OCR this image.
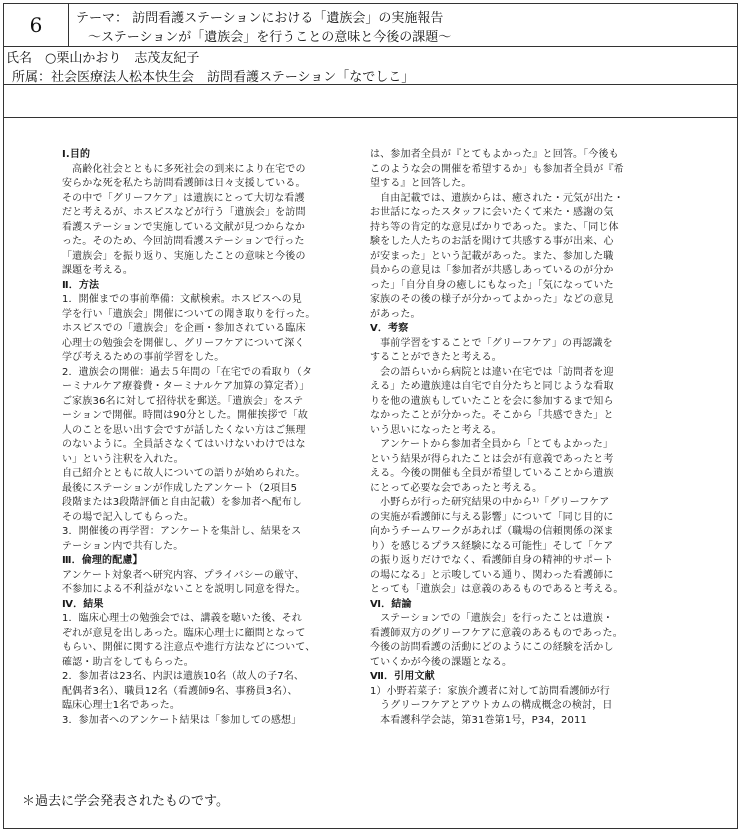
6	テーマ： 訪問看護ステーションにおける「遺族会」の実施報告
～ステーションが「遺族会」を行うことの意味と今後の課題～
氏名　○栗山かおり　志茂友紀子
所属：社会医療法人松本快生会　訪問看護ステーション「なでしこ」

Ⅰ.目的

　高齢化社会とともに多死社会の到来により在宅での
安らかな死を私たち訪問看護師は日々支援している。
その中で「グリーフケア」は遺族にとって大切な看護
だと考えるが、ホスピスなどが行う「遺族会」を訪問
看護ステーションで実施している文献が見つからなか
った。そのため、今回訪問看護ステーションで行った
「遺族会」を振り返り、実施したことの意味と今後の
課題を考える。

Ⅱ．方法

1．開催までの事前準備：文献検索。ホスピスへの見
学を行い「遺族会」開催についての聞き取りを行った。
ホスピスでの「遺族会」を企画・参加されている臨床
心理士の勉強会を開催し、グリーフケアについて深く
学び考えるための事前学習をした。
2．遺族会の開催：過去５年間の「在宅での看取り（タ
ーミナルケア療養費・ターミナルケア加算の算定者）」
ご家族36名に対して招待状を郵送。「遺族会」をステ
ーションで開催。時間は90分とした。開催挨拶で「故
人のことを思い出す会ですが話したくない方はご無理
のないように。全員話さなくてはいけないわけではな
い」という注釈を入れた。
自己紹介とともに故人についての語りが始められた。
最後にステーションが作成したアンケート（2項目5
段階または3段階評価と自由記載）を参加者へ配布し
その場で記入してもらった。
3．開催後の再学習：アンケートを集計し、結果をス
テーション内で共有した。

Ⅲ．倫理的配慮】

アンケート対象者へ研究内容、プライバシーの厳守、
不参加による不利益がないことを説明し同意を得た。

Ⅳ．結果

1．臨床心理士の勉強会では、講義を聴いた後、それ
ぞれが意見を出しあった。臨床心理士に顧問となって
もらい、開催に関する注意点や進行方法などについて、
確認・助言をしてもらった。
2．参加者は23名、内訳は遺族10名（故人の子7名、
配偶者3名）、職員12名（看護師9名、事務員3名）、
臨床心理士1名であった。
3．参加者へのアンケート結果は「参加しての感想」

は、参加者全員が『とてもよかった』と回答。「今後も
このような会の開催を希望するか」も参加者全員が『希
望する』と回答した。
　自由記載では、遺族からは、癒された・元気が出た・
お世話になったスタッフに会いたくて来た・感謝の気
持ち等の肯定的な意見ばかりであった。また、「同じ体
験をした人たちのお話を聞けて共感する事が出来、心
が安まった」という記載があった。また、参加した職
員からの意見は「参加者が共感しあっているのが分か
った」「自分自身の癒しにもなった」「気になっていた
家族のその後の様子が分かってよかった」などの意見
があった。

Ⅴ．考察

　事前学習をすることで「グリーフケア」の再認識を
することができたと考える。
　会の語らいから病院とは違い在宅では「訪問者を迎
える」ため遺族達は自宅で自分たちと同じような看取
りを他の遺族もしていたことを会に参加するまで知ら
なかったことが分かった。そこから「共感できた」と
いう思いになったと考える。
　アンケートから参加者全員から「とてもよかった」
という結果が得られたことは会が有意義であったと考
える。今後の開催も全員が希望していることから遺族
にとって必要な会であったと考える。
　小野らが行った研究結果の中から¹⁾「グリーフケア
の実施が看護師に与える影響」について「同じ目的に
向かうチームワークがあれば（職場の信頼関係の深ま
り）を感じるプラス経験になる可能性」そして「ケア
の振り返りだけでなく、看護師自身の精神的サポート
の場になる」と示唆している通り、関わった看護師に
とっても「遺族会」は意義のあるものであると考える。

Ⅵ．結論

　ステーションでの「遺族会」を行ったことは遺族・
看護師双方のグリーフケアに意義のあるものであった。
今後の訪問看護の活動にどのようにこの経験を活かし
ていくかが今後の課題となる。

Ⅶ．引用文献

1）小野若菜子：家族介護者に対して訪問看護師が行
　うグリーフケアとアウトカムの構成概念の検討，日
　本看護科学会誌，第31巻第1号，P34，2011

＊過去に学会発表されたものです。
